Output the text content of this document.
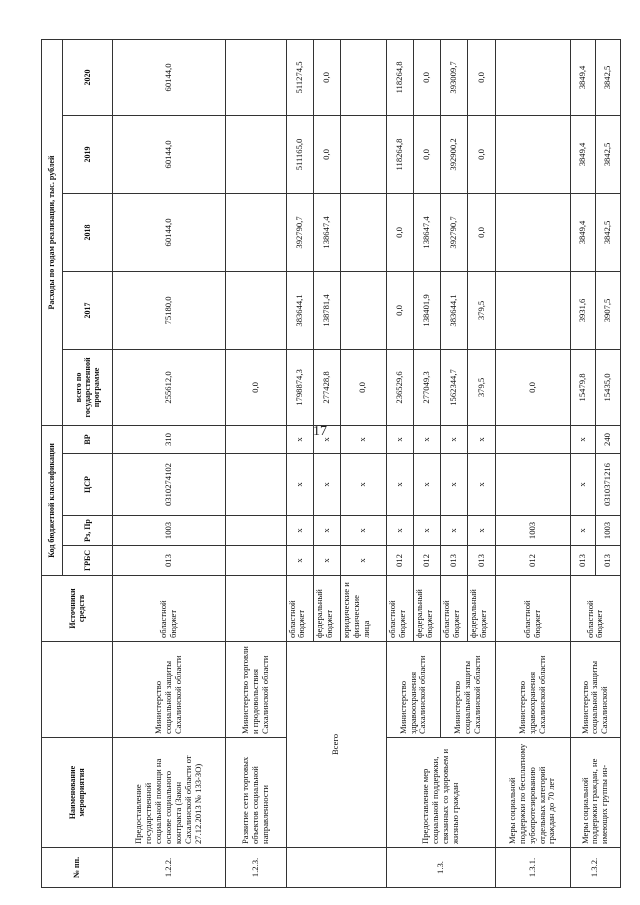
17
№ пп.	Наименование мероприятия		Источники средств	Код бюджетной классификации				Расходы по годам реализации, тыс. рублей				
				ГРБС	Рз, Пр	ЦСР	ВР	всего по государственной программе	2017	2018	2019	2020
1.2.2.	Предоставление государственной социальной помощи на основе социального контракта (Закон Сахалинской области от 27.12.2013 № 133-ЗО)	Министерство социальной защиты Сахалинской области	областной бюджет	013	1003	0310274102	310	255612,0	75180,0	60144,0	60144,0	60144,0
1.2.3.	Развитие сети торговых объектов социальной направленности	Министерство торговли и продовольствия Сахалинской области						0,0				
	Всего		областной бюджет	х	х	х	х	1798874,3	383644,1	392790,7	511165,0	511274,5
			федеральный бюджет	х	х	х	х	277428,8	138781,4	138647,4	0,0	0,0
			юридические и физические лица	х	х	х	х	0,0				
1.3.	Предоставление мер социальной поддержки, связанных со здоровьем и жизнью граждан	Министерство здравоохранения Сахалинской области	областной бюджет	012	х	х	х	236529,6	0,0	0,0	118264,8	118264,8
			федеральный бюджет	012	х	х	х	277049,3	138401,9	138647,4	0,0	0,0
		Министерство социальной защиты Сахалинской области	областной бюджет	013	х	х	х	1562344,7	383644,1	392790,7	392900,2	393009,7
			федеральный бюджет	013	х	х	х	379,5	379,5	0,0	0,0	0,0
1.3.1.	Меры социальной поддержки по бесплатному зубопротезированию отдельных категорий граждан до 70 лет	Министерство здравоохранения Сахалинской области	областной бюджет	012	1003			0,0				
1.3.2.	Меры социальной поддержки граждан, не имеющих группы ин-	Министерство социальной защиты Сахалинской	областной бюджет	013	х	х	х	15479,8	3931,6	3849,4	3849,4	3849,4
				013	1003	0310371216	240	15435,0	3907,5	3842,5	3842,5	3842,5
